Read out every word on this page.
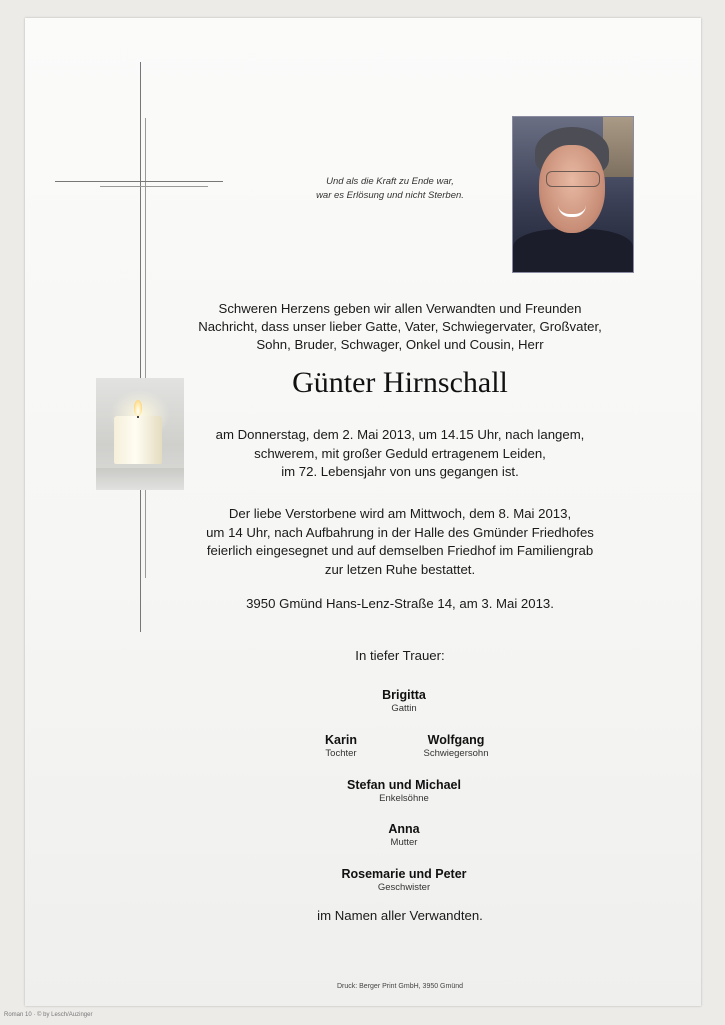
Und als die Kraft zu Ende war,
war es Erlösung und nicht Sterben.
Schweren Herzens geben wir allen Verwandten und Freunden
Nachricht, dass unser lieber Gatte, Vater, Schwiegervater, Großvater,
Sohn, Bruder, Schwager, Onkel und Cousin, Herr
Günter Hirnschall
am Donnerstag, dem 2. Mai 2013, um 14.15 Uhr, nach langem,
schwerem, mit großer Geduld ertragenem Leiden,
im 72. Lebensjahr von uns gegangen ist.
Der liebe Verstorbene wird am Mittwoch, dem 8. Mai 2013,
um 14 Uhr, nach Aufbahrung in der Halle des Gmünder Friedhofes
feierlich eingesegnet und auf demselben Friedhof im Familiengrab
zur letzen Ruhe bestattet.
3950 Gmünd Hans-Lenz-Straße 14, am 3. Mai 2013.
In tiefer Trauer:
Brigitta
Gattin
Karin
Tochter
Wolfgang
Schwiegersohn
Stefan und Michael
Enkelsöhne
Anna
Mutter
Rosemarie und Peter
Geschwister
im Namen aller Verwandten.
Druck: Berger Print GmbH, 3950 Gmünd
Roman 10 · © by Lesch/Auzinger
